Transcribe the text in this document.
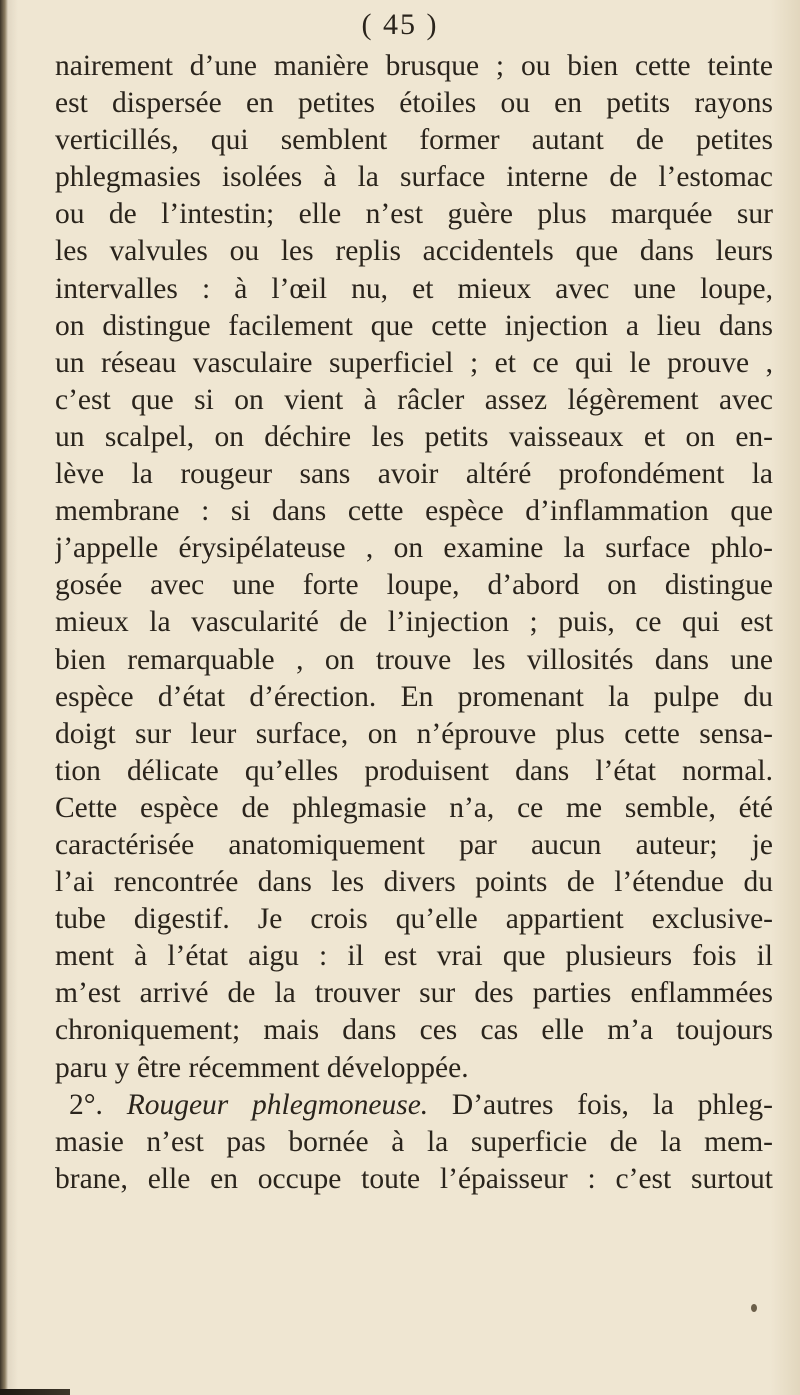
( 45 )
nairement d’une manière brusque ; ou bien cette teinte
est dispersée en petites étoiles ou en petits rayons
verticillés, qui semblent former autant de petites
phlegmasies isolées à la surface interne de l’estomac
ou de l’intestin; elle n’est guère plus marquée sur
les valvules ou les replis accidentels que dans leurs
intervalles : à l’œil nu, et mieux avec une loupe,
on distingue facilement que cette injection a lieu dans
un réseau vasculaire superficiel ; et ce qui le prouve ,
c’est que si on vient à râcler assez légèrement avec
un scalpel, on déchire les petits vaisseaux et on en-
lève la rougeur sans avoir altéré profondément la
membrane : si dans cette espèce d’inflammation que
j’appelle érysipélateuse , on examine la surface phlo-
gosée avec une forte loupe, d’abord on distingue
mieux la vascularité de l’injection ; puis, ce qui est
bien remarquable , on trouve les villosités dans une
espèce d’état d’érection. En promenant la pulpe du
doigt sur leur surface, on n’éprouve plus cette sensa-
tion délicate qu’elles produisent dans l’état normal.
Cette espèce de phlegmasie n’a, ce me semble, été
caractérisée anatomiquement par aucun auteur; je
l’ai rencontrée dans les divers points de l’étendue du
tube digestif. Je crois qu’elle appartient exclusive-
ment à l’état aigu : il est vrai que plusieurs fois il
m’est arrivé de la trouver sur des parties enflammées
chroniquement; mais dans ces cas elle m’a toujours
paru y être récemment développée.
2°. Rougeur phlegmoneuse. D’autres fois, la phleg-
masie n’est pas bornée à la superficie de la mem-
brane, elle en occupe toute l’épaisseur : c’est surtout
